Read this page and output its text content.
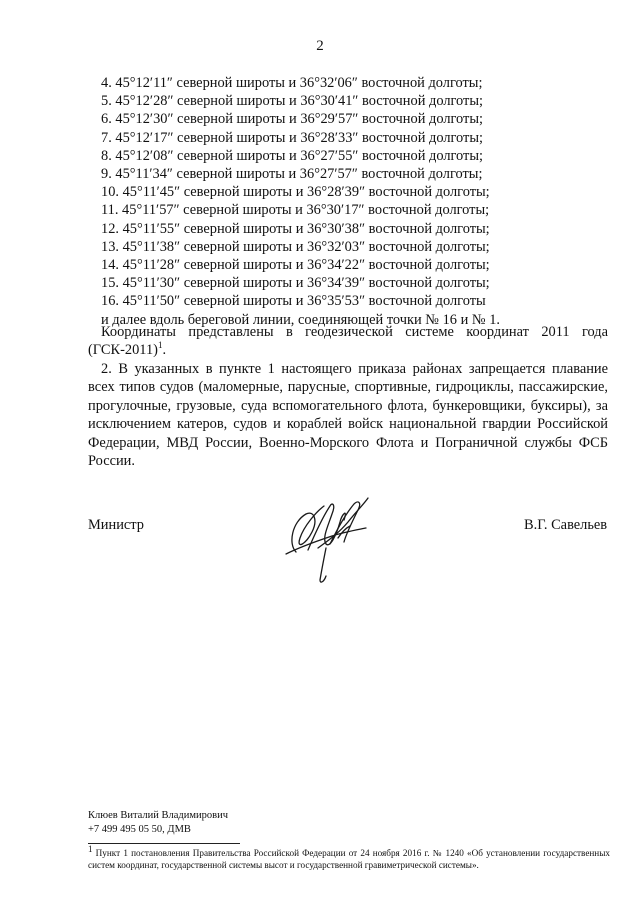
2
4. 45°12′11″ северной широты и 36°32′06″ восточной долготы;
5. 45°12′28″ северной широты и 36°30′41″ восточной долготы;
6. 45°12′30″ северной широты и 36°29′57″ восточной долготы;
7. 45°12′17″ северной широты и 36°28′33″ восточной долготы;
8. 45°12′08″ северной широты и 36°27′55″ восточной долготы;
9. 45°11′34″ северной широты и 36°27′57″ восточной долготы;
10. 45°11′45″ северной широты и 36°28′39″ восточной долготы;
11. 45°11′57″ северной широты и 36°30′17″ восточной долготы;
12. 45°11′55″ северной широты и 36°30′38″ восточной долготы;
13. 45°11′38″ северной широты и 36°32′03″ восточной долготы;
14. 45°11′28″ северной широты и 36°34′22″ восточной долготы;
15. 45°11′30″ северной широты и 36°34′39″ восточной долготы;
16. 45°11′50″ северной широты и 36°35′53″ восточной долготы
и далее вдоль береговой линии, соединяющей точки № 16 и № 1.
Координаты представлены в геодезической системе координат 2011 года $(ГСК-2011)^1$.
2. В указанных в пункте 1 настоящего приказа районах запрещается плавание всех типов судов (маломерные, парусные, спортивные, гидроциклы, пассажирские, прогулочные, грузовые, суда вспомогательного флота, бункеровщики, буксиры), за исключением катеров, судов и кораблей войск национальной гвардии Российской Федерации, МВД России, Военно-Морского Флота и Пограничной службы ФСБ России.
Министр	В.Г. Савельев
Клюев Виталий Владимирович
+7 499 495 05 50, ДМВ
$^1$ Пункт 1 постановления Правительства Российской Федерации от 24 ноября 2016 г. № 1240 «Об установлении государственных систем координат, государственной системы высот и государственной гравиметрической системы».
